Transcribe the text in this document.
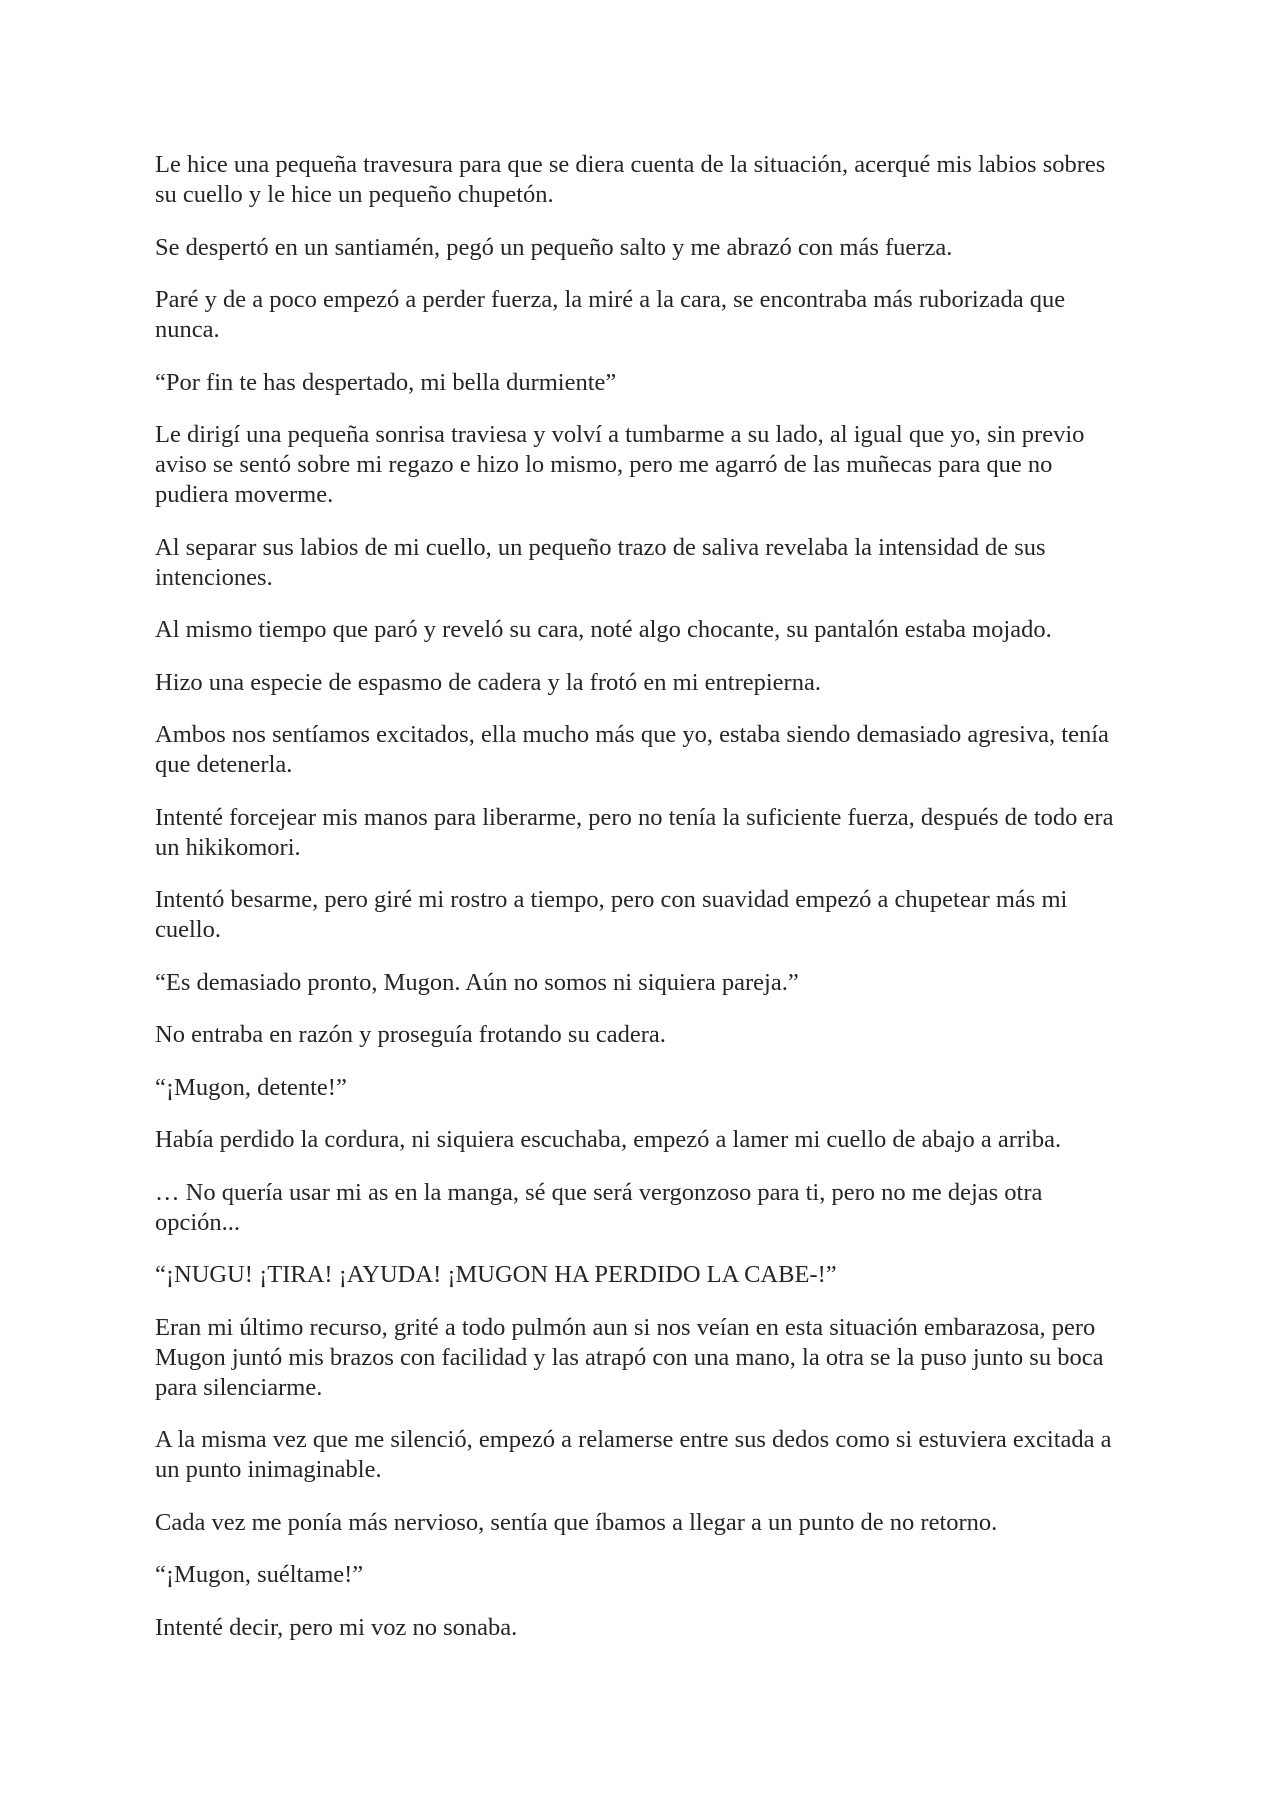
Le hice una pequeña travesura para que se diera cuenta de la situación, acerqué mis labios sobres su cuello y le hice un pequeño chupetón.

Se despertó en un santiamén, pegó un pequeño salto y me abrazó con más fuerza.

Paré y de a poco empezó a perder fuerza, la miré a la cara, se encontraba más ruborizada que nunca.

“Por fin te has despertado, mi bella durmiente”

Le dirigí una pequeña sonrisa traviesa y volví a tumbarme a su lado, al igual que yo, sin previo aviso se sentó sobre mi regazo e hizo lo mismo, pero me agarró de las muñecas para que no pudiera moverme.

Al separar sus labios de mi cuello, un pequeño trazo de saliva revelaba la intensidad de sus intenciones.

Al mismo tiempo que paró y reveló su cara, noté algo chocante, su pantalón estaba mojado.

Hizo una especie de espasmo de cadera y la frotó en mi entrepierna.

Ambos nos sentíamos excitados, ella mucho más que yo, estaba siendo demasiado agresiva, tenía que detenerla.

Intenté forcejear mis manos para liberarme, pero no tenía la suficiente fuerza, después de todo era un hikikomori.

Intentó besarme, pero giré mi rostro a tiempo, pero con suavidad empezó a chupetear más mi cuello.

“Es demasiado pronto, Mugon. Aún no somos ni siquiera pareja.”

No entraba en razón y proseguía frotando su cadera.

“¡Mugon, detente!”

Había perdido la cordura, ni siquiera escuchaba, empezó a lamer mi cuello de abajo a arriba.

… No quería usar mi as en la manga, sé que será vergonzoso para ti, pero no me dejas otra opción...

“¡NUGU! ¡TIRA! ¡AYUDA! ¡MUGON HA PERDIDO LA CABE-!”

Eran mi último recurso, grité a todo pulmón aun si nos veían en esta situación embarazosa, pero Mugon juntó mis brazos con facilidad y las atrapó con una mano, la otra se la puso junto su boca para silenciarme.

A la misma vez que me silenció, empezó a relamerse entre sus dedos como si estuviera excitada a un punto inimaginable.

Cada vez me ponía más nervioso, sentía que íbamos a llegar a un punto de no retorno.

“¡Mugon, suéltame!”

Intenté decir, pero mi voz no sonaba.
